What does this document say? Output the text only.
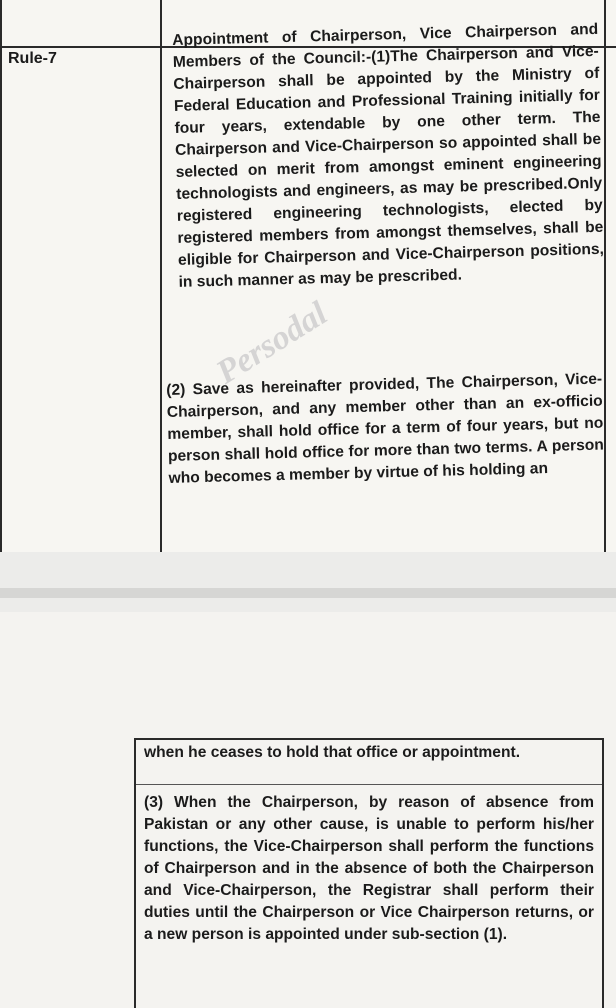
Rule-7
Appointment of Chairperson, Vice Chairperson and Members of the Council:-(1)The Chairperson and Vice-Chairperson shall be appointed by the Ministry of Federal Education and Professional Training initially for four years, extendable by one other term. The Chairperson and Vice-Chairperson so appointed shall be selected on merit from amongst eminent engineering technologists and engineers, as may be prescribed.Only registered engineering technologists, elected by registered members from amongst themselves, shall be eligible for Chairperson and Vice-Chairperson positions, in such manner as may be prescribed.
(2) Save as hereinafter provided, The Chairperson, Vice-Chairperson, and any member other than an ex-officio member, shall hold office for a term of four years, but no person shall hold office for more than two terms. A person who becomes a member by virtue of his holding an
Persodal
when he ceases to hold that office or appointment.
(3) When the Chairperson, by reason of absence from Pakistan or any other cause, is unable to perform his/her functions, the Vice-Chairperson shall perform the functions of Chairperson and in the absence of both the Chairperson and Vice-Chairperson, the Registrar shall perform their duties until the Chairperson or Vice Chairperson returns, or a new person is appointed under sub-section (1).
